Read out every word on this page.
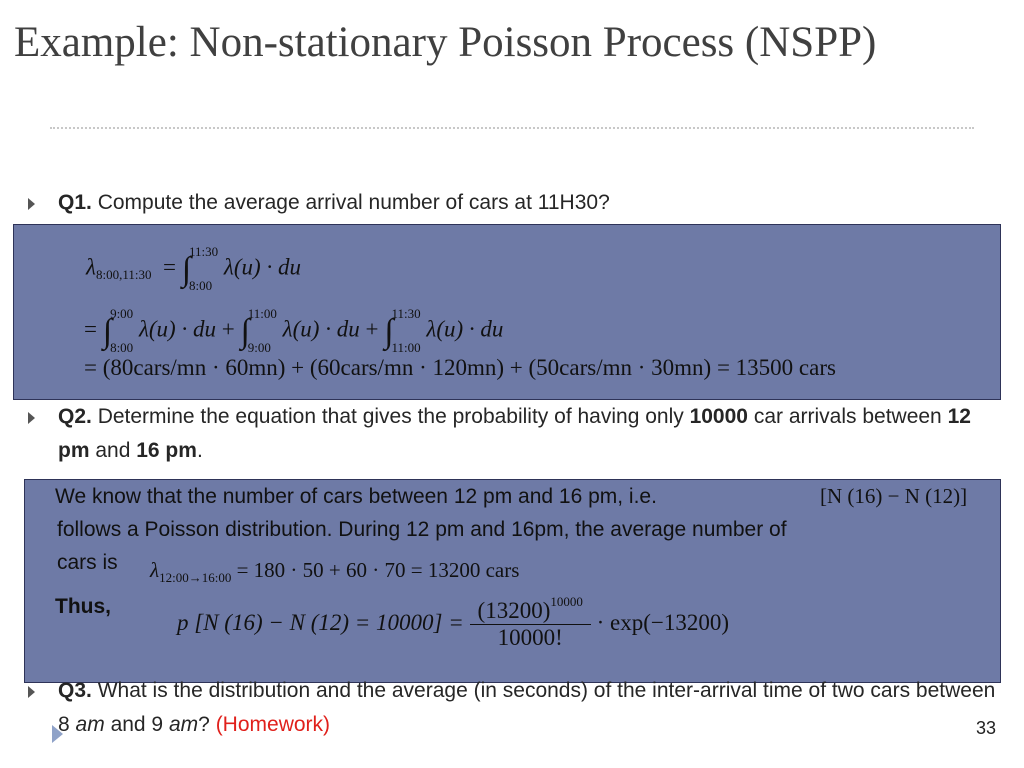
Example: Non-stationary Poisson Process (NSPP)
Q1. Compute the average arrival number of cars at 11H30?
$\lambda_{8:00,11:30}$  = ∫
11:30
8:00
λ(u) · du
= ∫
9:00
8:00
λ(u) · du + ∫
11:00
9:00
λ(u) · du + ∫
11:30
11:00
λ(u) · du
= (80cars/mn · 60mn) + (60cars/mn · 120mn) + (50cars/mn · 30mn) = 13500 cars
Q2. Determine the equation that gives the probability of having only 10000 car arrivals between 12 pm and 16 pm.
We know that the number of cars between 12 pm and 16 pm, i.e.	[N (16) − N (12)]
follows a Poisson distribution. During 12 pm and 16pm, the average number of
cars is $\lambda_{12:00\to 16:00} = 180 \cdot 50 + 60 \cdot 70 = 13200$ cars
Thus,
p [N (16) − N $(12) = 10000] = \frac{(13200)^{10000}}{10000!} \cdot \exp(-13200)$
Q3. What is the distribution and the average (in seconds) of the inter-arrival time of two cars between 8 am and 9 am? (Homework)	33
